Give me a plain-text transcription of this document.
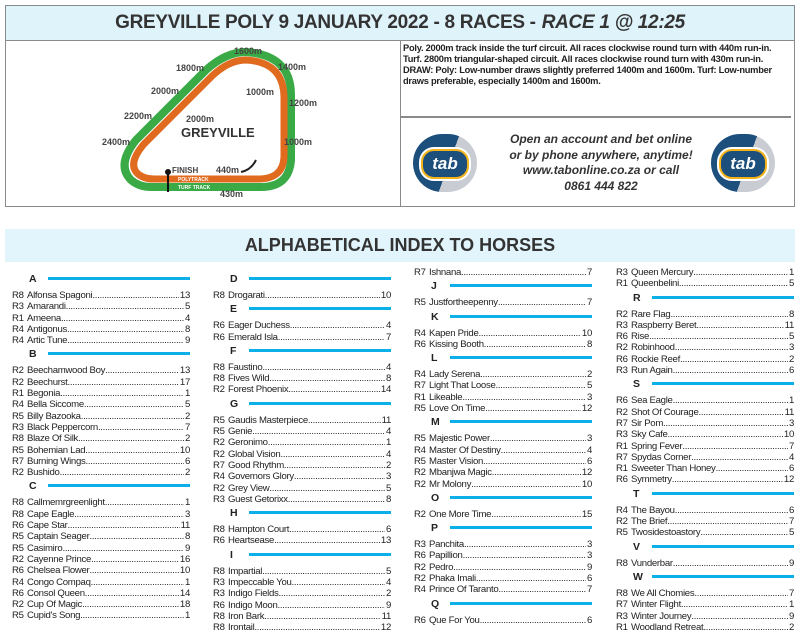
GREYVILLE POLY 9 JANUARY 2022 - 8 RACES - RACE 1 @ 12:25
1600m
1400m
1800m
1000m
1200m
2000m
2200m	2000m
2400m	1000m
GREYVILLE
FINISH 440m
POLYTRACK
TURF TRACK
430m
Poly. 2000m track inside the turf circuit. All races clockwise round turn with 440m run-in. Turf. 2800m triangular-shaped circuit. All races clockwise round turn with 430m run-in. DRAW: Poly: Low-number draws slightly preferred 1400m and 1600m. Turf: Low-number draws preferable, especially 1400m and 1600m.
tab
Open an account and bet online
or by phone anywhere, anytime!
www.tabonline.co.za or call
0861 444 822
tab
ALPHABETICAL INDEX TO HORSES
A
R8 Alfonsa Spagoni .....	13
R3 Amarandi .....	5
R1 Ameena .....	4
R4 Antigonus .....	8
R4 Artic Tune .....	9
B
R2 Beechamwood Boy .....	13
R2 Beechurst .....	17
R1 Begonia .....	1
R4 Bella Siccome .....	5
R5 Billy Bazooka .....	2
R3 Black Peppercorn .....	7
R8 Blaze Of Silk .....	2
R5 Bohemian Lad .....	10
R7 Burning Wings .....	6
R2 Bushido .....	2
C
R8 Callmemrgreenlight .....	1
R8 Cape Eagle .....	3
R6 Cape Star .....	11
R5 Captain Seager .....	8
R5 Casimiro .....	9
R2 Cayenne Prince .....	16
R6 Chelsea Flower .....	10
R4 Congo Compaq .....	1
R6 Consol Queen .....	14
R2 Cup Of Magic .....	18
R5 Cupid's Song .....	1
D
R8 Drogarati .....	10
E
R6 Eager Duchess .....	4
R6 Emerald Isla .....	7
F
R8 Faustino .....	4
R8 Fives Wild .....	8
R2 Forest Phoenix .....	14
G
R5 Gaudis Masterpiece .....	11
R5 Genie .....	4
R2 Geronimo .....	1
R2 Global Vision .....	4
R7 Good Rhythm .....	2
R4 Governors Glory .....	3
R2 Grey View .....	5
R3 Guest Getorixx .....	8
H
R8 Hampton Court .....	6
R6 Heartsease .....	13
I
R8 Impartial .....	5
R3 Impeccable You .....	4
R3 Indigo Fields .....	2
R6 Indigo Moon .....	9
R8 Iron Bark .....	11
R8 Irontail .....	12
R7 Ishnana .....	7
J
R5 Justfortheepenny .....	7
K
R4 Kapen Pride .....	10
R6 Kissing Booth .....	8
L
R4 Lady Serena .....	2
R7 Light That Loose .....	5
R1 Likeable .....	3
R5 Love On Time .....	12
M
R5 Majestic Power .....	3
R4 Master Of Destiny .....	4
R5 Master Vision .....	6
R2 Mbanjwa Magic .....	12
R2 Mr Molony .....	10
O
R2 One More Time .....	15
P
R3 Panchita .....	3
R6 Papillion .....	3
R2 Pedro .....	9
R2 Phaka Imali .....	6
R4 Prince Of Taranto .....	7
Q
R6 Que For You .....	6
R3 Queen Mercury .....	1
R1 Queenbelini .....	5
R
R2 Rare Flag .....	8
R3 Raspberry Beret .....	11
R6 Rise .....	5
R2 Robinhood .....	3
R6 Rockie Reef .....	2
R3 Run Again .....	6
S
R6 Sea Eagle .....	1
R2 Shot Of Courage .....	11
R7 Sir Pom .....	3
R3 Sky Cafe .....	10
R1 Spring Fever .....	7
R7 Spydas Corner .....	4
R1 Sweeter Than Honey .....	6
R6 Symmetry .....	12
T
R4 The Bayou .....	6
R2 The Brief .....	7
R5 Twosidestoastory .....	5
V
R8 Vunderbar .....	9
W
R8 We All Chomies .....	7
R7 Winter Flight .....	1
R3 Winter Journey .....	9
R1 Woodland Retreat .....	2
